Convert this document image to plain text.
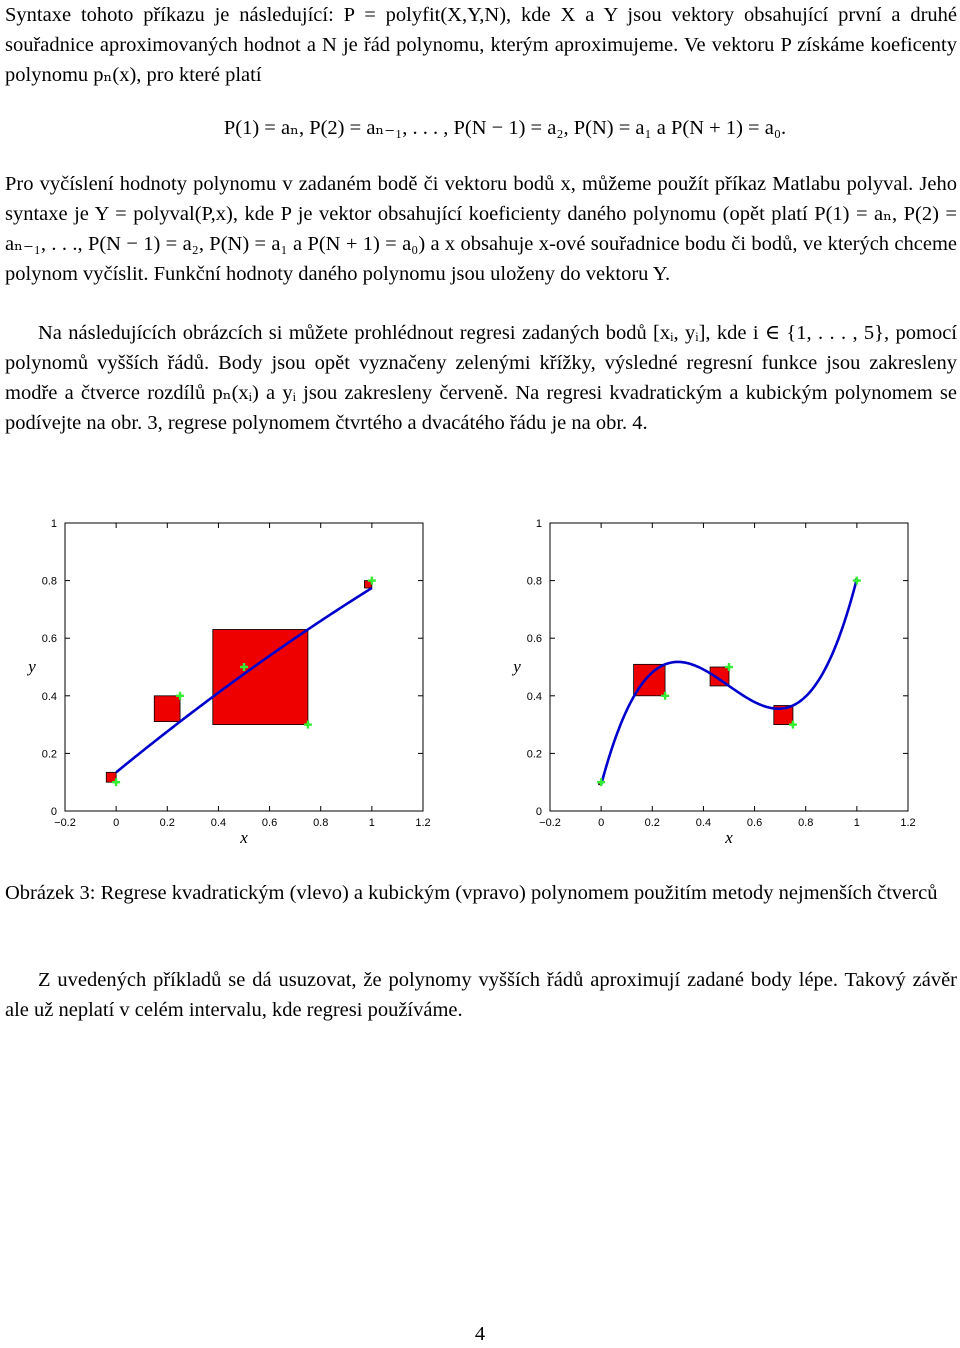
Syntaxe tohoto příkazu je následující: P = polyfit(X,Y,N), kde X a Y jsou vektory obsahující první a druhé souřadnice aproximovaných hodnot a N je řád polynomu, kterým aproximujeme. Ve vektoru P získáme koeficenty polynomu pₙ(x), pro které platí
P(1) = aₙ, P(2) = aₙ₋₁, . . . , P(N − 1) = a₂, P(N) = a₁ a P(N + 1) = a₀.
Pro vyčíslení hodnoty polynomu v zadaném bodě či vektoru bodů x, můžeme použít příkaz Matlabu polyval. Jeho syntaxe je Y = polyval(P,x), kde P je vektor obsahující koeficienty daného polynomu (opět platí P(1) = aₙ, P(2) = aₙ₋₁, . . ., P(N − 1) = a₂, P(N) = a₁ a P(N + 1) = a₀) a x obsahuje x-ové souřadnice bodu či bodů, ve kterých chceme polynom vyčíslit. Funkční hodnoty daného polynomu jsou uloženy do vektoru Y.
Na následujících obrázcích si můžete prohlédnout regresi zadaných bodů [xᵢ, yᵢ], kde i ∈ {1, . . . , 5}, pomocí polynomů vyšších řádů. Body jsou opět vyznačeny zelenými křížky, výsledné regresní funkce jsou zakresleny modře a čtverce rozdílů pₙ(xᵢ) a yᵢ jsou zakresleny červeně. Na regresi kvadratickým a kubickým polynomem se podívejte na obr. 3, regrese polynomem čtvrtého a dvacátého řádu je na obr. 4.
−0.2	0	0.2	0.4	0.6	0.8	1	1.2
0
0.2
0.4
0.6
0.8
1
x
y
−0.2	0	0.2	0.4	0.6	0.8	1	1.2
0
0.2
0.4
0.6
0.8
1
x
y
Obrázek 3: Regrese kvadratickým (vlevo) a kubickým (vpravo) polynomem použitím metody nejmenších čtverců
Z uvedených příkladů se dá usuzovat, že polynomy vyšších řádů aproximují zadané body lépe. Takový závěr ale už neplatí v celém intervalu, kde regresi používáme.
4
